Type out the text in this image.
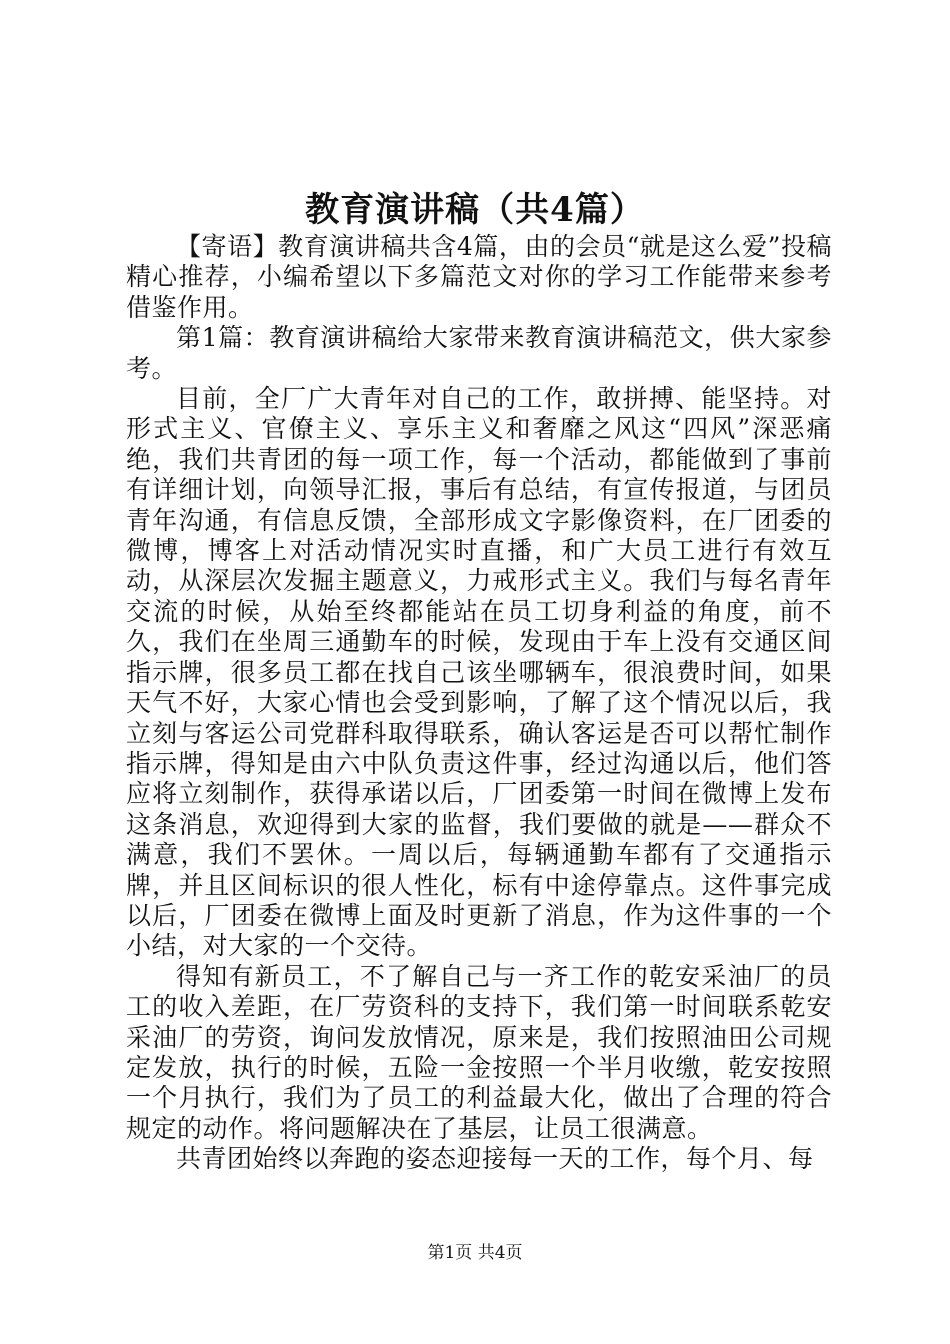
教育演讲稿（共4篇）

【寄语】教育演讲稿共含4篇，由的会员“就是这么爱”投稿精心推荐，小编希望以下多篇范文对你的学习工作能带来参考借鉴作用。

第1篇：教育演讲稿给大家带来教育演讲稿范文，供大家参考。

目前，全厂广大青年对自己的工作，敢拼搏、能坚持。对形式主义、官僚主义、享乐主义和奢靡之风这“四风”深恶痛绝，我们共青团的每一项工作，每一个活动，都能做到了事前有详细计划，向领导汇报，事后有总结，有宣传报道，与团员青年沟通，有信息反馈，全部形成文字影像资料，在厂团委的微博，博客上对活动情况实时直播，和广大员工进行有效互动，从深层次发掘主题意义，力戒形式主义。我们与每名青年交流的时候，从始至终都能站在员工切身利益的角度，前不久，我们在坐周三通勤车的时候，发现由于车上没有交通区间指示牌，很多员工都在找自己该坐哪辆车，很浪费时间，如果天气不好，大家心情也会受到影响，了解了这个情况以后，我立刻与客运公司党群科取得联系，确认客运是否可以帮忙制作指示牌，得知是由六中队负责这件事，经过沟通以后，他们答应将立刻制作，获得承诺以后，厂团委第一时间在微博上发布这条消息，欢迎得到大家的监督，我们要做的就是——群众不满意，我们不罢休。一周以后，每辆通勤车都有了交通指示牌，并且区间标识的很人性化，标有中途停靠点。这件事完成以后，厂团委在微博上面及时更新了消息，作为这件事的一个小结，对大家的一个交待。

得知有新员工，不了解自己与一齐工作的乾安采油厂的员工的收入差距，在厂劳资科的支持下，我们第一时间联系乾安采油厂的劳资，询问发放情况，原来是，我们按照油田公司规定发放，执行的时候，五险一金按照一个半月收缴，乾安按照一个月执行，我们为了员工的利益最大化，做出了合理的符合规定的动作。将问题解决在了基层，让员工很满意。

共青团始终以奔跑的姿态迎接每一天的工作，每个月、每

第1页 共4页
